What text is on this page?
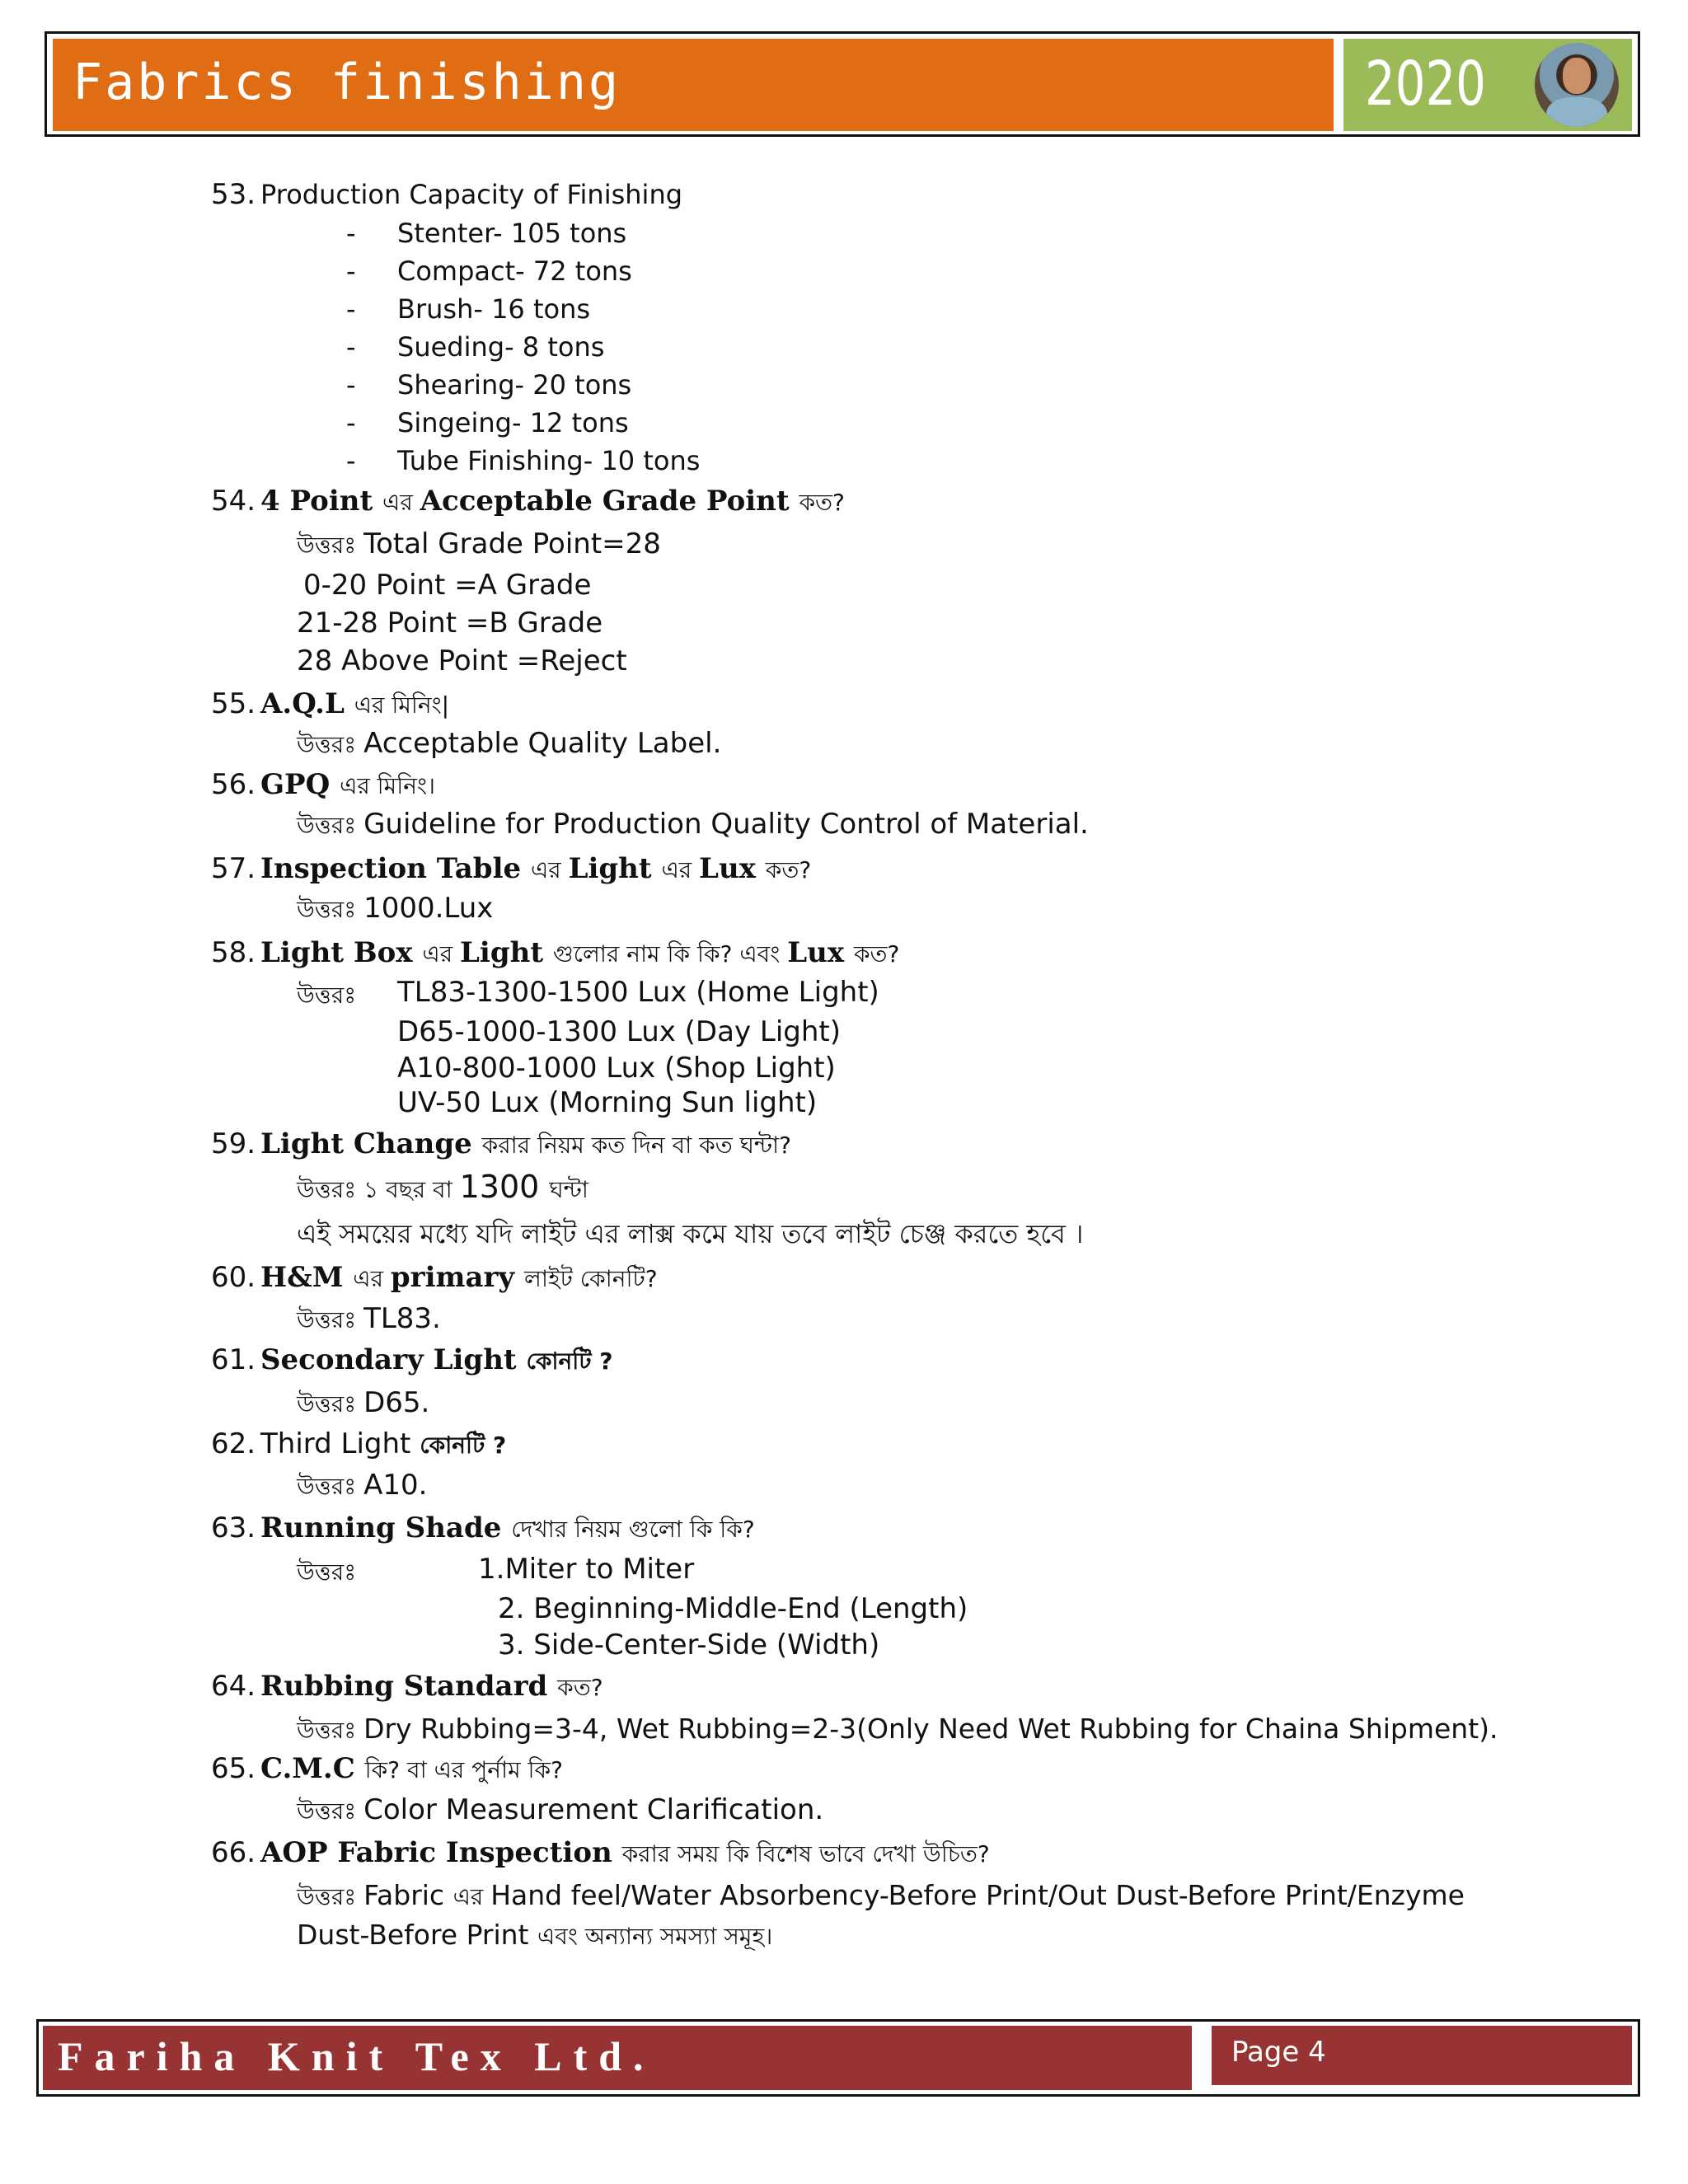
Fabrics finishing	2020
53. Production Capacity of Finishing
- Stenter- 105 tons
- Compact- 72 tons
- Brush- 16 tons
- Sueding- 8 tons
- Shearing- 20 tons
- Singeing- 12 tons
- Tube Finishing- 10 tons
54. 4 Point এর Acceptable Grade Point কত?
উত্তরঃ Total Grade Point=28
0-20 Point =A Grade
21-28 Point =B Grade
28 Above Point =Reject
55. A.Q.L এর মিনিং|
উত্তরঃ Acceptable Quality Label.
56. GPQ এর মিনিং।
উত্তরঃ Guideline for Production Quality Control of Material.
57. Inspection Table এর Light এর Lux কত?
উত্তরঃ 1000.Lux
58. Light Box এর Light গুলোর নাম কি কি? এবং Lux কত?
উত্তরঃ TL83-1300-1500 Lux (Home Light)
D65-1000-1300 Lux (Day Light)
A10-800-1000 Lux (Shop Light)
UV-50 Lux (Morning Sun light)
59. Light Change করার নিয়ম কত দিন বা কত ঘন্টা?
উত্তরঃ ১ বছর বা 1300 ঘন্টা
এই সময়ের মধ্যে যদি লাইট এর লাক্স কমে যায় তবে লাইট চেঞ্জ করতে হবে ।
60. H&M এর primary লাইট কোনটি?
উত্তরঃ TL83.
61. Secondary Light কোনটি ?
উত্তরঃ D65.
62. Third Light কোনটি ?
উত্তরঃ A10.
63. Running Shade দেখার নিয়ম গুলো কি কি?
উত্তরঃ	1.Miter to Miter
2. Beginning-Middle-End (Length)
3. Side-Center-Side (Width)
64. Rubbing Standard কত?
উত্তরঃ Dry Rubbing=3-4, Wet Rubbing=2-3(Only Need Wet Rubbing for Chaina Shipment).
65. C.M.C কি? বা এর পুর্নাম কি?
উত্তরঃ Color Measurement Clarification.
66. AOP Fabric Inspection করার সময় কি বিশেষ ভাবে দেখা উচিত?
উত্তরঃ Fabric এর Hand feel/Water Absorbency-Before Print/Out Dust-Before Print/Enzyme
Dust-Before Print এবং অন্যান্য সমস্যা সমূহ।
Fariha Knit Tex Ltd.	Page 4
